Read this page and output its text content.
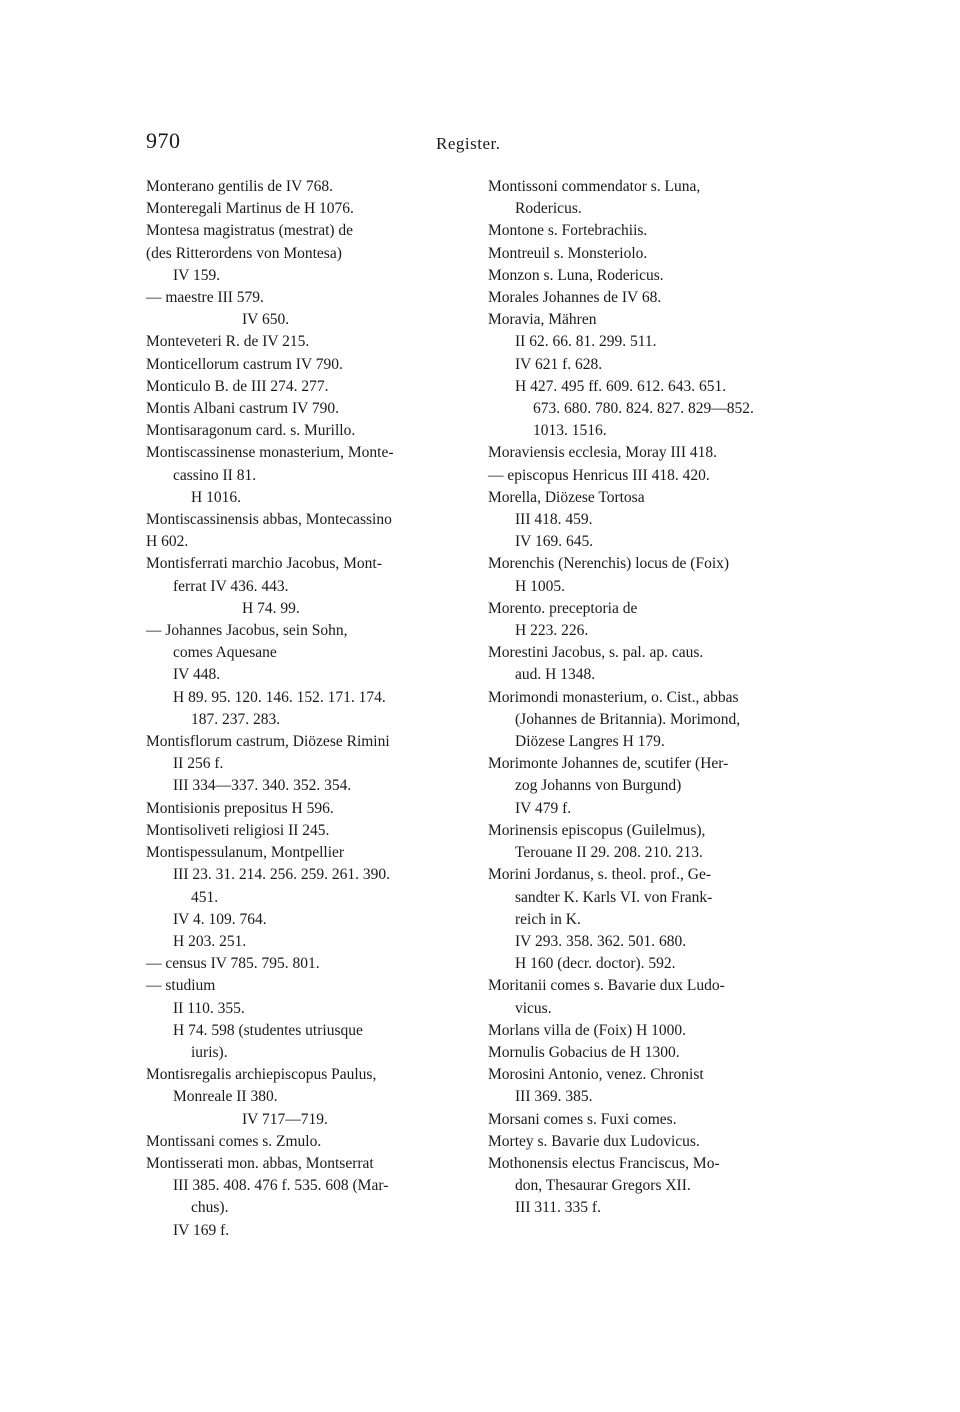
970	Register.

Monterano gentilis de IV 768.

Monteregali Martinus de H 1076.

Montesa magistratus (mestrat) de

(des Ritterordens von Montesa)

IV 159.

— maestre III 579.

IV 650.

Monteveteri R. de IV 215.

Monticellorum castrum IV 790.

Monticulo B. de III 274. 277.

Montis Albani castrum IV 790.

Montisaragonum card. s. Murillo.

Montiscassinense monasterium, Monte-

cassino II 81.

H 1016.

Montiscassinensis abbas, Montecassino

H 602.

Montisferrati marchio Jacobus, Mont-

ferrat IV 436. 443.

H 74. 99.

— Johannes Jacobus, sein Sohn,

comes Aquesane

IV 448.

H 89. 95. 120. 146. 152. 171. 174.

187. 237. 283.

Montisflorum castrum, Diözese Rimini

II 256 f.

III 334—337. 340. 352. 354.

Montisionis prepositus H 596.

Montisoliveti religiosi II 245.

Montispessulanum, Montpellier

III 23. 31. 214. 256. 259. 261. 390.

451.

IV 4. 109. 764.

H 203. 251.

— census IV 785. 795. 801.

— studium

II 110. 355.

H 74. 598 (studentes utriusque

iuris).

Montisregalis archiepiscopus Paulus,

Monreale II 380.

IV 717—719.

Montissani comes s. Zmulo.

Montisserati mon. abbas, Montserrat

III 385. 408. 476 f. 535. 608 (Mar-

chus).

IV 169 f.

Montissoni commendator s. Luna,

Rodericus.

Montone s. Fortebrachiis.

Montreuil s. Monsteriolo.

Monzon s. Luna, Rodericus.

Morales Johannes de IV 68.

Moravia, Mähren

II 62. 66. 81. 299. 511.

IV 621 f. 628.

H 427. 495 ff. 609. 612. 643. 651.

673. 680. 780. 824. 827. 829—852.

1013. 1516.

Moraviensis ecclesia, Moray III 418.

— episcopus Henricus III 418. 420.

Morella, Diözese Tortosa

III 418. 459.

IV 169. 645.

Morenchis (Nerenchis) locus de (Foix)

H 1005.

Morento. preceptoria de

H 223. 226.

Morestini Jacobus, s. pal. ap. caus.

aud. H 1348.

Morimondi monasterium, o. Cist., abbas

(Johannes de Britannia). Morimond,

Diözese Langres H 179.

Morimonte Johannes de, scutifer (Her-

zog Johanns von Burgund)

IV 479 f.

Morinensis episcopus (Guilelmus),

Terouane II 29. 208. 210. 213.

Morini Jordanus, s. theol. prof., Ge-

sandter K. Karls VI. von Frank-

reich in K.

IV 293. 358. 362. 501. 680.

H 160 (decr. doctor). 592.

Moritanii comes s. Bavarie dux Ludo-

vicus.

Morlans villa de (Foix) H 1000.

Mornulis Gobacius de H 1300.

Morosini Antonio, venez. Chronist

III 369. 385.

Morsani comes s. Fuxi comes.

Mortey s. Bavarie dux Ludovicus.

Mothonensis electus Franciscus, Mo-

don, Thesaurar Gregors XII.

III 311. 335 f.
